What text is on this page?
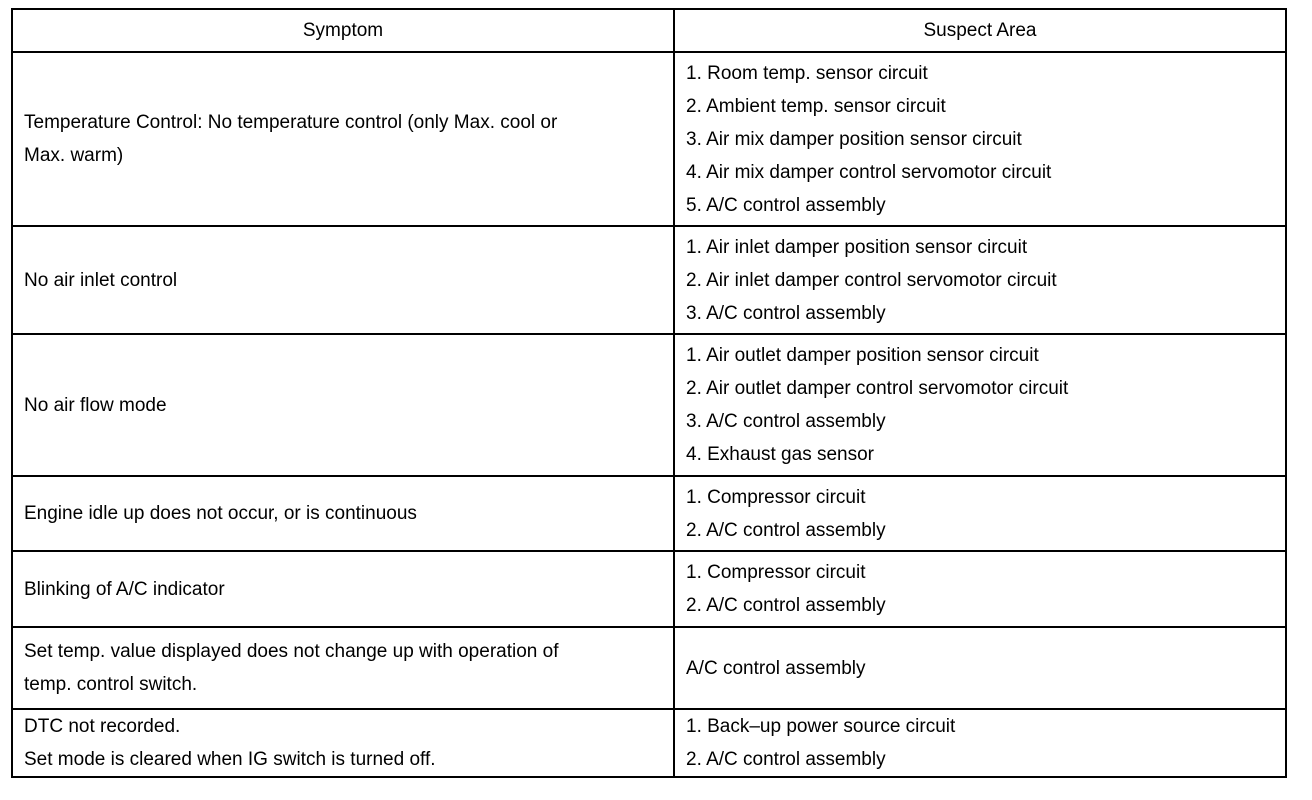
Symptom	Suspect Area

Temperature Control: No temperature control (only Max. cool or
Max. warm)	1. Room temp. sensor circuit
2. Ambient temp. sensor circuit
3. Air mix damper position sensor circuit
4. Air mix damper control servomotor circuit
5. A/C control assembly

No air inlet control	1. Air inlet damper position sensor circuit
2. Air inlet damper control servomotor circuit
3. A/C control assembly

No air flow mode	1. Air outlet damper position sensor circuit
2. Air outlet damper control servomotor circuit
3. A/C control assembly
4. Exhaust gas sensor

Engine idle up does not occur, or is continuous	1. Compressor circuit
2. A/C control assembly

Blinking of A/C indicator	1. Compressor circuit
2. A/C control assembly

Set temp. value displayed does not change up with operation of
temp. control switch.	A/C control assembly

DTC not recorded.
Set mode is cleared when IG switch is turned off.	1. Back–up power source circuit
2. A/C control assembly
